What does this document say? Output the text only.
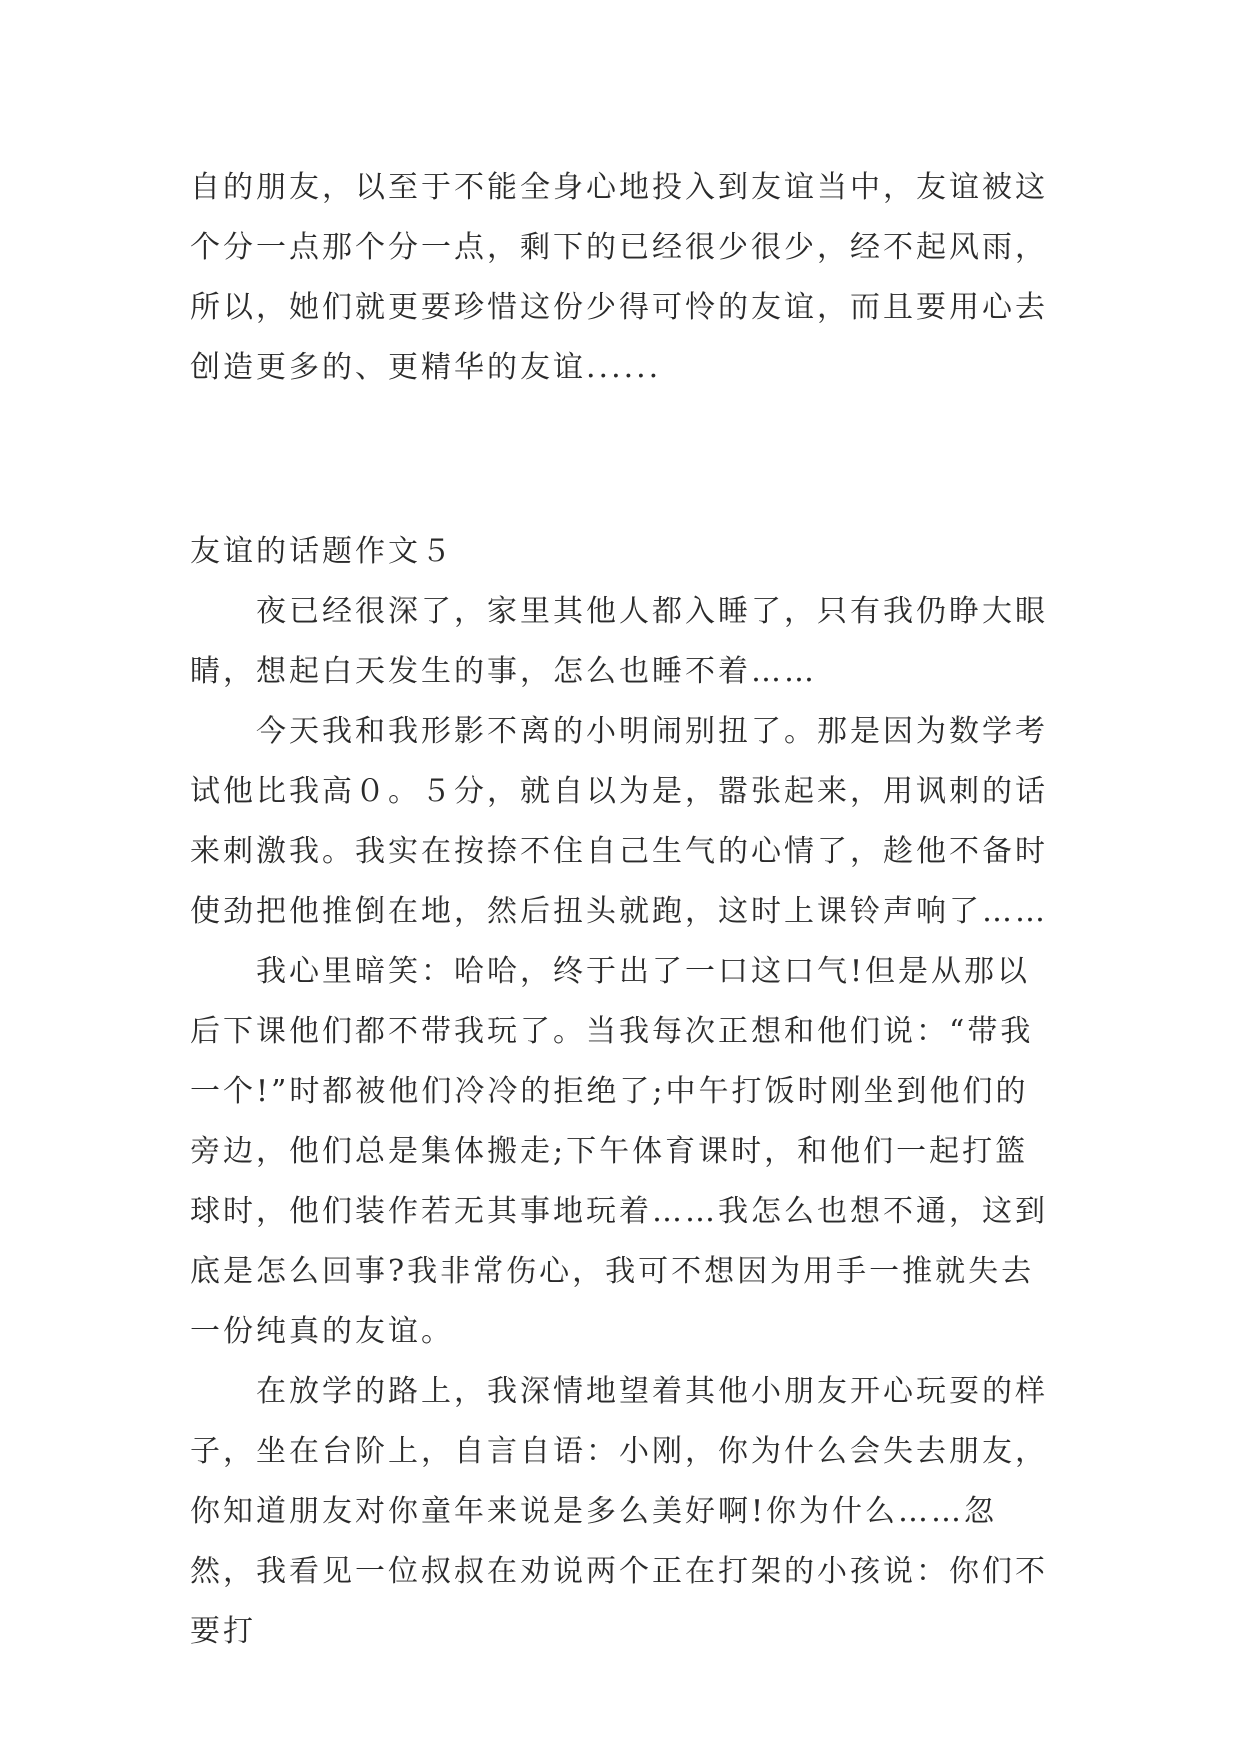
自的朋友，以至于不能全身心地投入到友谊当中，友谊被这
个分一点那个分一点，剩下的已经很少很少，经不起风雨，
所以，她们就更要珍惜这份少得可怜的友谊，而且要用心去
创造更多的、更精华的友谊......

友谊的话题作文５

夜已经很深了，家里其他人都入睡了，只有我仍睁大眼睛，想起白天发生的事，怎么也睡不着……

今天我和我形影不离的小明闹别扭了。那是因为数学考试他比我高０。５分，就自以为是，嚣张起来，用讽刺的话来刺激我。我实在按捺不住自己生气的心情了，趁他不备时使劲把他推倒在地，然后扭头就跑，这时上课铃声响了……

我心里暗笑：哈哈，终于出了一口这口气!但是从那以后下课他们都不带我玩了。当我每次正想和他们说：“带我一个!”时都被他们冷冷的拒绝了;中午打饭时刚坐到他们的旁边，他们总是集体搬走;下午体育课时，和他们一起打篮球时，他们装作若无其事地玩着……我怎么也想不通，这到底是怎么回事?我非常伤心，我可不想因为用手一推就失去一份纯真的友谊。

在放学的路上，我深情地望着其他小朋友开心玩耍的样子，坐在台阶上，自言自语：小刚，你为什么会失去朋友，你知道朋友对你童年来说是多么美好啊!你为什么……忽然，我看见一位叔叔在劝说两个正在打架的小孩说：你们不要打
